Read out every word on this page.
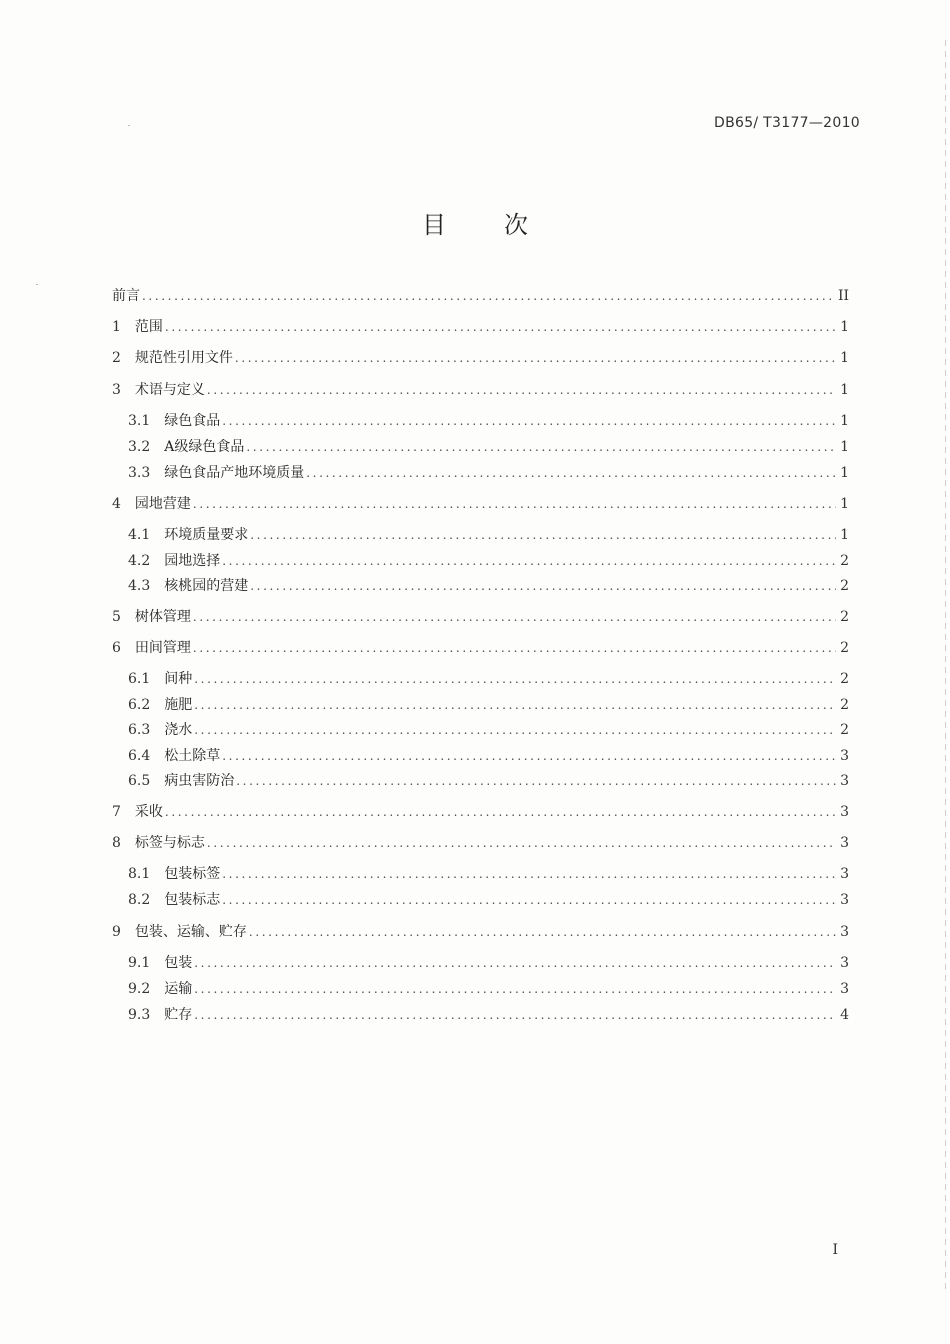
DB65/ T3177—2010
目 次
前言 .....	II
1 范围 .....	1
2 规范性引用文件 .....	1
3 术语与定义 .....	1
3.1 绿色食品 .....	1
3.2 A级绿色食品 .....	1
3.3 绿色食品产地环境质量 .....	1
4 园地营建 .....	1
4.1 环境质量要求 .....	1
4.2 园地选择 .....	2
4.3 核桃园的营建 .....	2
5 树体管理 .....	2
6 田间管理 .....	2
6.1 间种 .....	2
6.2 施肥 .....	2
6.3 浇水 .....	2
6.4 松土除草 .....	3
6.5 病虫害防治 .....	3
7 采收 .....	3
8 标签与标志 .....	3
8.1 包装标签 .....	3
8.2 包装标志 .....	3
9 包装、运输、贮存 .....	3
9.1 包装 .....	3
9.2 运输 .....	3
9.3 贮存 .....	4
I
